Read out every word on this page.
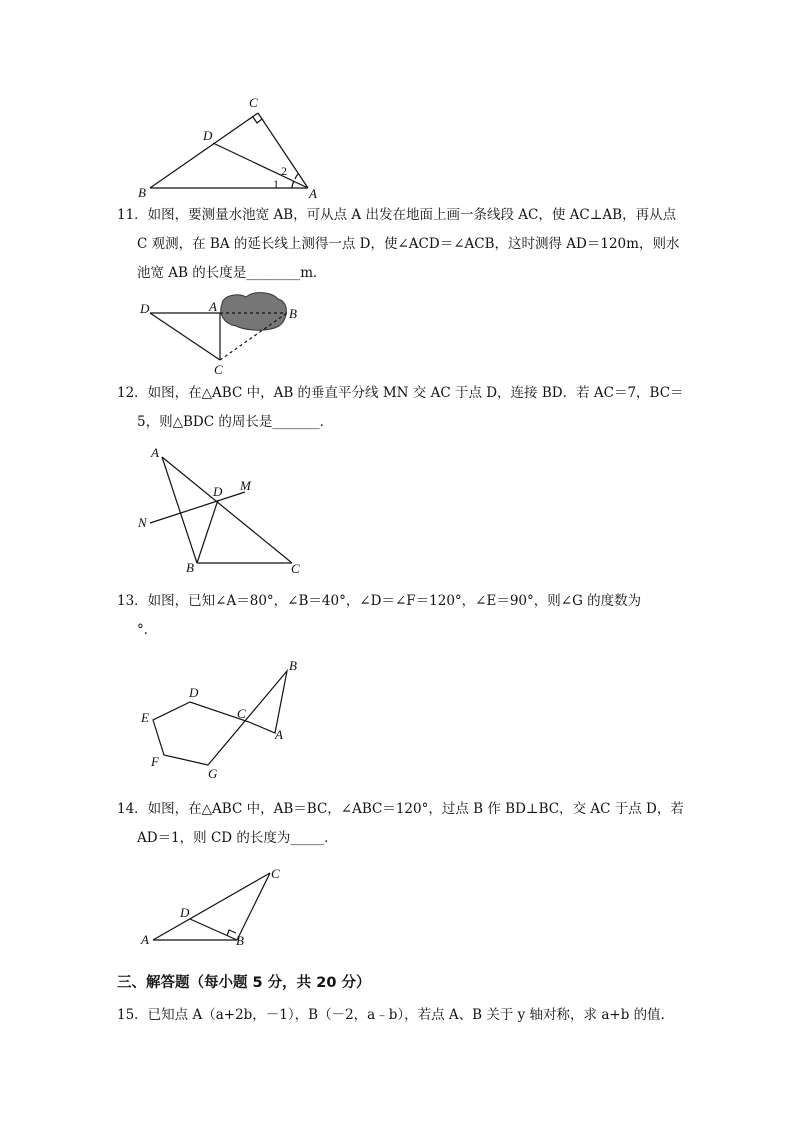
C
D
B	A
1
2
11．如图，要测量水池宽 AB，可从点 A 出发在地面上画一条线段 AC，使 AC⊥AB，再从点
C 观测，在 BA 的延长线上测得一点 D，使∠ACD＝∠ACB，这时测得 AD＝120m，则水
池宽 AB 的长度是________m．
D	A	B
C
12．如图，在△ABC 中，AB 的垂直平分线 MN 交 AC 于点 D，连接 BD．若 AC＝7，BC＝
5，则△BDC 的周长是_______．
A
D M
N
B	C
13．如图，已知∠A＝80°，∠B＝40°，∠D＝∠F＝120°，∠E＝90°，则∠G 的度数为
°．
B
D
E	C
A
F
G
14．如图，在△ABC 中，AB＝BC，∠ABC＝120°，过点 B 作 BD⊥BC，交 AC 于点 D，若
AD＝1，则 CD 的长度为_____．
C
D
A	B
三、解答题（每小题 5 分，共 20 分）
15．已知点 A（a+2b，－1），B（－2，a﹣b），若点 A、B 关于 y 轴对称，求 a+b 的值．
